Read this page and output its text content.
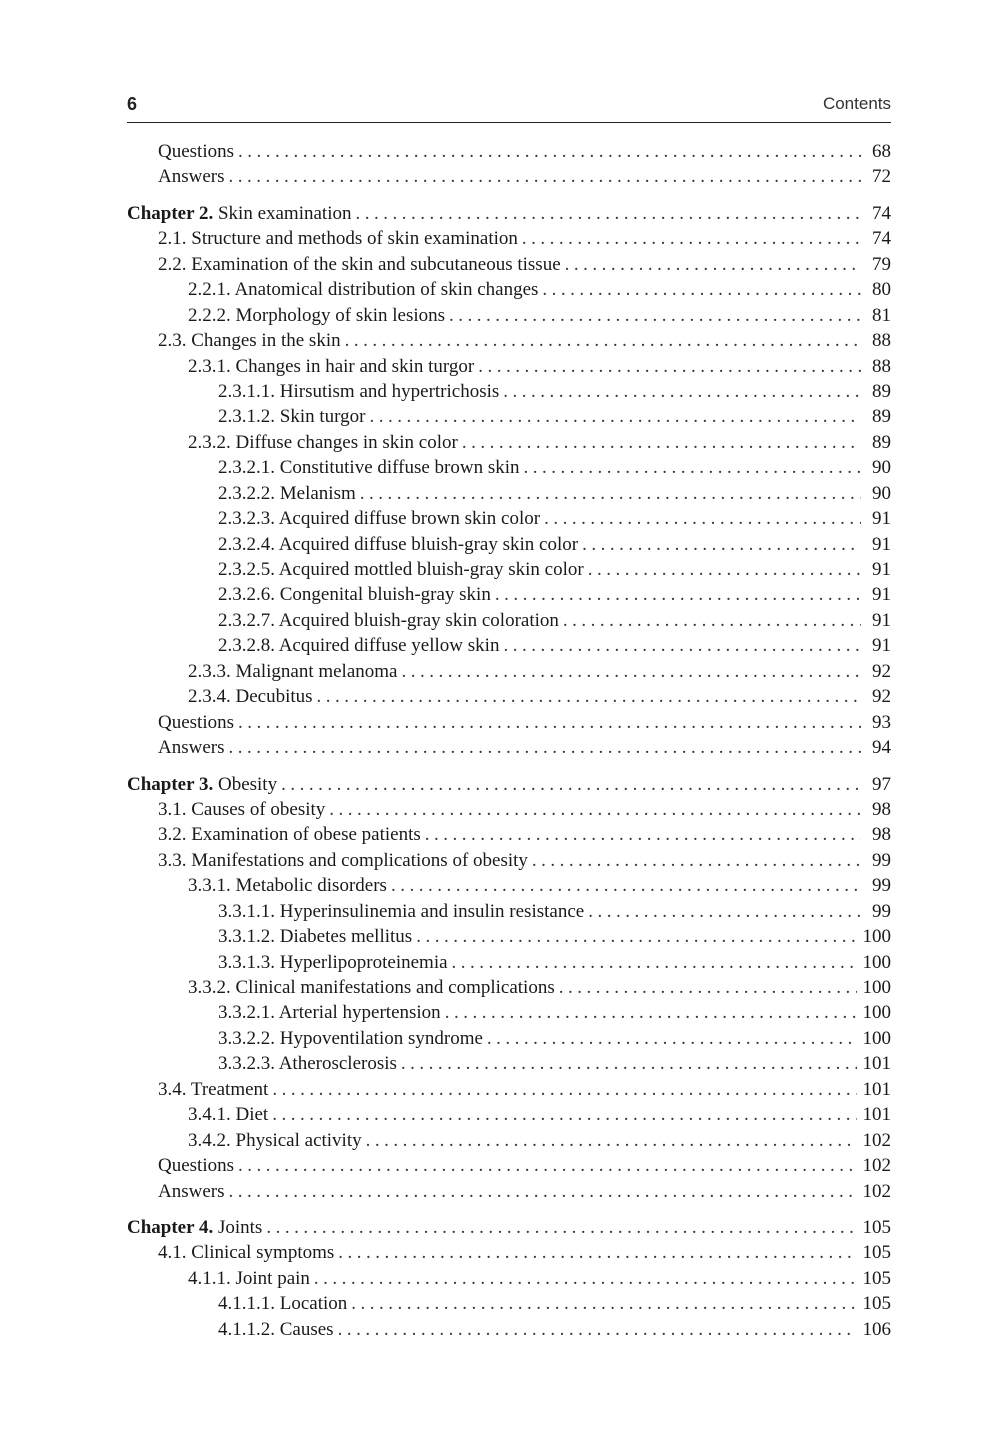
6	Contents
Questions .....	68
Answers .....	72
Chapter 2. Skin examination .....	74
2.1. Structure and methods of skin examination .....	74
2.2. Examination of the skin and subcutaneous tissue .....	79
2.2.1. Anatomical distribution of skin changes .....	80
2.2.2. Morphology of skin lesions .....	81
2.3. Changes in the skin .....	88
2.3.1. Changes in hair and skin turgor .....	88
2.3.1.1. Hirsutism and hypertrichosis .....	89
2.3.1.2. Skin turgor .....	89
2.3.2. Diffuse changes in skin color .....	89
2.3.2.1. Constitutive diffuse brown skin .....	90
2.3.2.2. Melanism .....	90
2.3.2.3. Acquired diffuse brown skin color .....	91
2.3.2.4. Acquired diffuse bluish-gray skin color .....	91
2.3.2.5. Acquired mottled bluish-gray skin color .....	91
2.3.2.6. Congenital bluish-gray skin .....	91
2.3.2.7. Acquired bluish-gray skin coloration .....	91
2.3.2.8. Acquired diffuse yellow skin .....	91
2.3.3. Malignant melanoma .....	92
2.3.4. Decubitus .....	92
Questions .....	93
Answers .....	94
Chapter 3. Obesity .....	97
3.1. Causes of obesity .....	98
3.2. Examination of obese patients .....	98
3.3. Manifestations and complications of obesity .....	99
3.3.1. Metabolic disorders .....	99
3.3.1.1. Hyperinsulinemia and insulin resistance .....	99
3.3.1.2. Diabetes mellitus .....	100
3.3.1.3. Hyperlipoproteinemia .....	100
3.3.2. Clinical manifestations and complications .....	100
3.3.2.1. Arterial hypertension .....	100
3.3.2.2. Hypoventilation syndrome .....	100
3.3.2.3. Atherosclerosis .....	101
3.4. Treatment .....	101
3.4.1. Diet .....	101
3.4.2. Physical activity .....	102
Questions .....	102
Answers .....	102
Chapter 4. Joints .....	105
4.1. Clinical symptoms .....	105
4.1.1. Joint pain .....	105
4.1.1.1. Location .....	105
4.1.1.2. Causes .....	106
